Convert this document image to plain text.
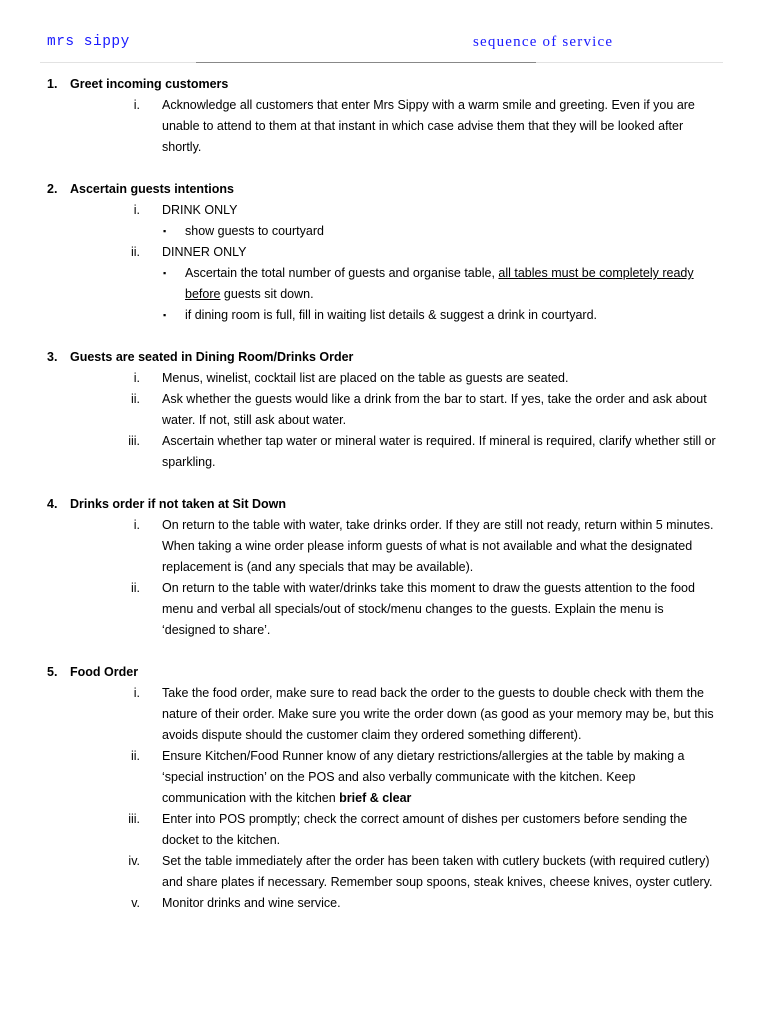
mrs sippy	sequence of service
1. Greet incoming customers
i. Acknowledge all customers that enter Mrs Sippy with a warm smile and greeting. Even if you are unable to attend to them at that instant in which case advise them that they will be looked after shortly.
2. Ascertain guests intentions
i. DRINK ONLY
▪ show guests to courtyard
ii. DINNER ONLY
▪ Ascertain the total number of guests and organise table, all tables must be completely ready before guests sit down.
▪ if dining room is full, fill in waiting list details & suggest a drink in courtyard.
3. Guests are seated in Dining Room/Drinks Order
i. Menus, winelist, cocktail list are placed on the table as guests are seated.
ii. Ask whether the guests would like a drink from the bar to start. If yes, take the order and ask about water. If not, still ask about water.
iii. Ascertain whether tap water or mineral water is required. If mineral is required, clarify whether still or sparkling.
4. Drinks order if not taken at Sit Down
i. On return to the table with water, take drinks order. If they are still not ready, return within 5 minutes. When taking a wine order please inform guests of what is not available and what the designated replacement is (and any specials that may be available).
ii. On return to the table with water/drinks take this moment to draw the guests attention to the food menu and verbal all specials/out of stock/menu changes to the guests. Explain the menu is ‘designed to share’.
5. Food Order
i. Take the food order, make sure to read back the order to the guests to double check with them the nature of their order. Make sure you write the order down (as good as your memory may be, but this avoids dispute should the customer claim they ordered something different).
ii. Ensure Kitchen/Food Runner know of any dietary restrictions/allergies at the table by making a ‘special instruction’ on the POS and also verbally communicate with the kitchen. Keep communication with the kitchen brief & clear
iii. Enter into POS promptly; check the correct amount of dishes per customers before sending the docket to the kitchen.
iv. Set the table immediately after the order has been taken with cutlery buckets (with required cutlery) and share plates if necessary. Remember soup spoons, steak knives, cheese knives, oyster cutlery.
v. Monitor drinks and wine service.
